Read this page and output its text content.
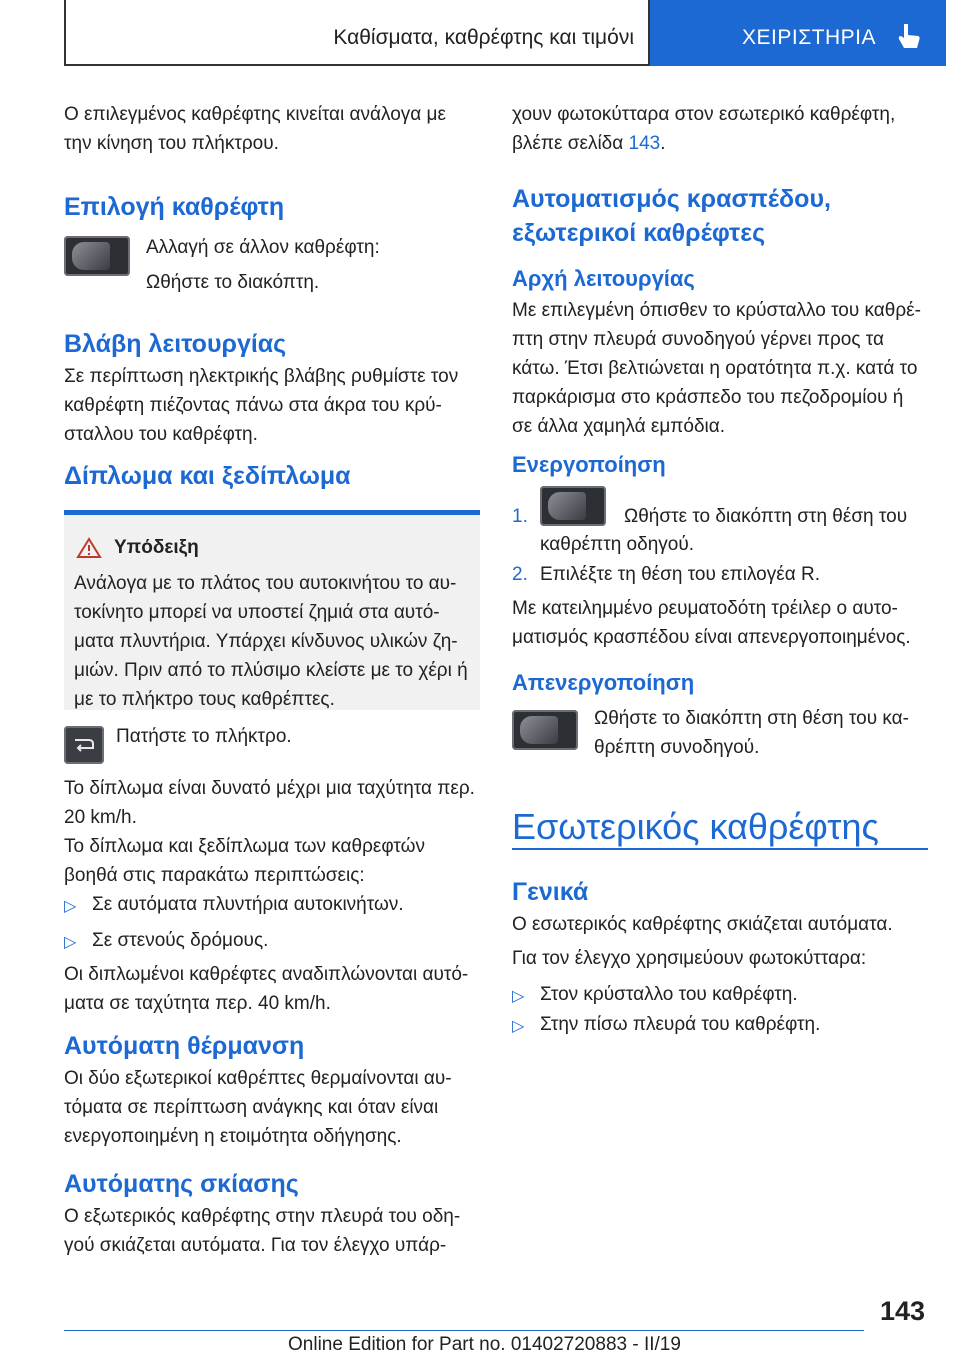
Καθίσματα, καθρέφτης και τιμόνι	ΧΕΙΡΙΣΤΗΡΙΑ
Ο επιλεγμένος καθρέφτης κινείται ανάλογα με
την κίνηση του πλήκτρου.
Επιλογή καθρέφτη
Αλλαγή σε άλλον καθρέφτη:
Ωθήστε το διακόπτη.
Βλάβη λειτουργίας
Σε περίπτωση ηλεκτρικής βλάβης ρυθμίστε τον
καθρέφτη πιέζοντας πάνω στα άκρα του κρύ-
σταλλου του καθρέφτη.
Δίπλωμα και ξεδίπλωμα
Υπόδειξη
Ανάλογα με το πλάτος του αυτοκινήτου το αυ-
τοκίνητο μπορεί να υποστεί ζημιά στα αυτό-
ματα πλυντήρια. Υπάρχει κίνδυνος υλικών ζη-
μιών. Πριν από το πλύσιμο κλείστε με το χέρι ή
με το πλήκτρο τους καθρέπτες.
Πατήστε το πλήκτρο.
Το δίπλωμα είναι δυνατό μέχρι μια ταχύτητα περ.
20 km/h.
Το δίπλωμα και ξεδίπλωμα των καθρεφτών
βοηθά στις παρακάτω περιπτώσεις:
▷ Σε αυτόματα πλυντήρια αυτοκινήτων.
▷ Σε στενούς δρόμους.
Οι διπλωμένοι καθρέφτες αναδιπλώνονται αυτό-
ματα σε ταχύτητα περ. 40 km/h.
Αυτόματη θέρμανση
Οι δύο εξωτερικοί καθρέπτες θερμαίνονται αυ-
τόματα σε περίπτωση ανάγκης και όταν είναι
ενεργοποιημένη η ετοιμότητα οδήγησης.
Αυτόματης σκίασης
Ο εξωτερικός καθρέφτης στην πλευρά του οδη-
γού σκιάζεται αυτόματα. Για τον έλεγχο υπάρ-
χουν φωτοκύτταρα στον εσωτερικό καθρέφτη,
βλέπε σελίδα 143.
Αυτοματισμός κρασπέδου,
εξωτερικοί καθρέφτες
Αρχή λειτουργίας
Με επιλεγμένη όπισθεν το κρύσταλλο του καθρέ-
πτη στην πλευρά συνοδηγού γέρνει προς τα
κάτω. Έτσι βελτιώνεται η ορατότητα π.χ. κατά το
παρκάρισμα στο κράσπεδο του πεζοδρομίου ή
σε άλλα χαμηλά εμπόδια.
Ενεργοποίηση
1.	Ωθήστε το διακόπτη στη θέση του
καθρέπτη οδηγού.
2. Επιλέξτε τη θέση του επιλογέα R.
Με κατειλημμένο ρευματοδότη τρέιλερ ο αυτο-
ματισμός κρασπέδου είναι απενεργοποιημένος.
Απενεργοποίηση
Ωθήστε το διακόπτη στη θέση του κα-
θρέπτη συνοδηγού.
Εσωτερικός καθρέφτης
Γενικά
Ο εσωτερικός καθρέφτης σκιάζεται αυτόματα.
Για τον έλεγχο χρησιμεύουν φωτοκύτταρα:
▷ Στον κρύσταλλο του καθρέφτη.
▷ Στην πίσω πλευρά του καθρέφτη.
143
Online Edition for Part no. 01402720883 - II/19
